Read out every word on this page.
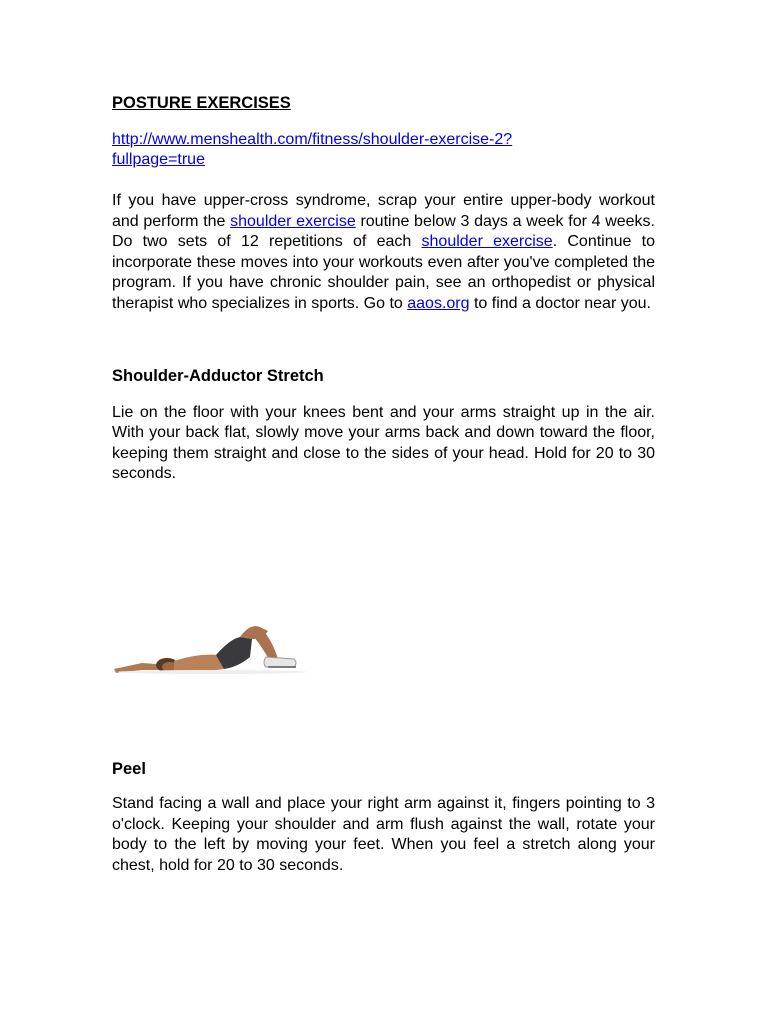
POSTURE EXERCISES
http://www.menshealth.com/fitness/shoulder-exercise-2?
fullpage=true

If you have upper-cross syndrome, scrap your entire upper-body workout and perform the shoulder exercise routine below 3 days a week for 4 weeks. Do two sets of 12 repetitions of each shoulder exercise. Continue to incorporate these moves into your workouts even after you've completed the program. If you have chronic shoulder pain, see an orthopedist or physical therapist who specializes in sports. Go to aaos.org to find a doctor near you.

Shoulder-Adductor Stretch

Lie on the floor with your knees bent and your arms straight up in the air. With your back flat, slowly move your arms back and down toward the floor, keeping them straight and close to the sides of your head. Hold for 20 to 30 seconds.

Peel

Stand facing a wall and place your right arm against it, fingers pointing to 3 o'clock. Keeping your shoulder and arm flush against the wall, rotate your body to the left by moving your feet. When you feel a stretch along your chest, hold for 20 to 30 seconds.
